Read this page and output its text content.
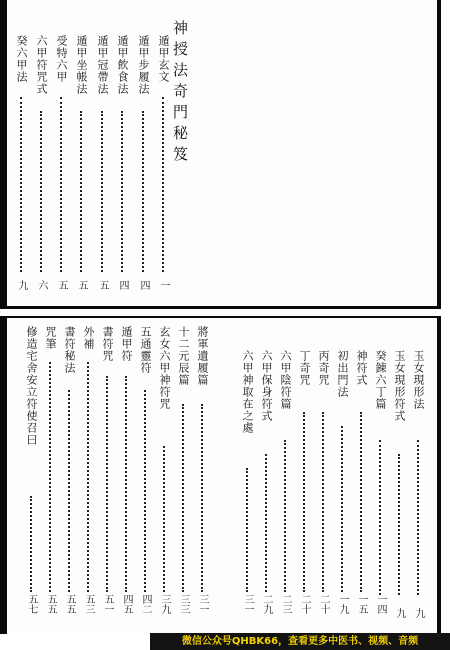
神授法奇門秘笈
遁甲玄文
一
遁甲步履法
四
遁甲飲食法
四
遁甲冠帶法
五
遁甲坐帳法
五
受特六甲
五
六甲符咒式
六
癸六甲法
九
玉女現形法
九
玉女現形符式
九
癸錬六丁篇
一四
神符式
一五
初出門法
一九
丙奇咒
二十
丁奇咒
二十
六甲陰符篇
二三
六甲保身符式
二九
六甲神取在之處
三一
將軍遺履篇
三一
十二元辰篇
三三
玄女六甲神符咒
三九
五通靈符
四二
遁甲符
四五
書符咒
五一
外補
五三
書符秘法
五五
咒筆
五五
修造宅舍安立符使召曰
五七
微信公众号QHBK66，查看更多中医书、视频、音频
